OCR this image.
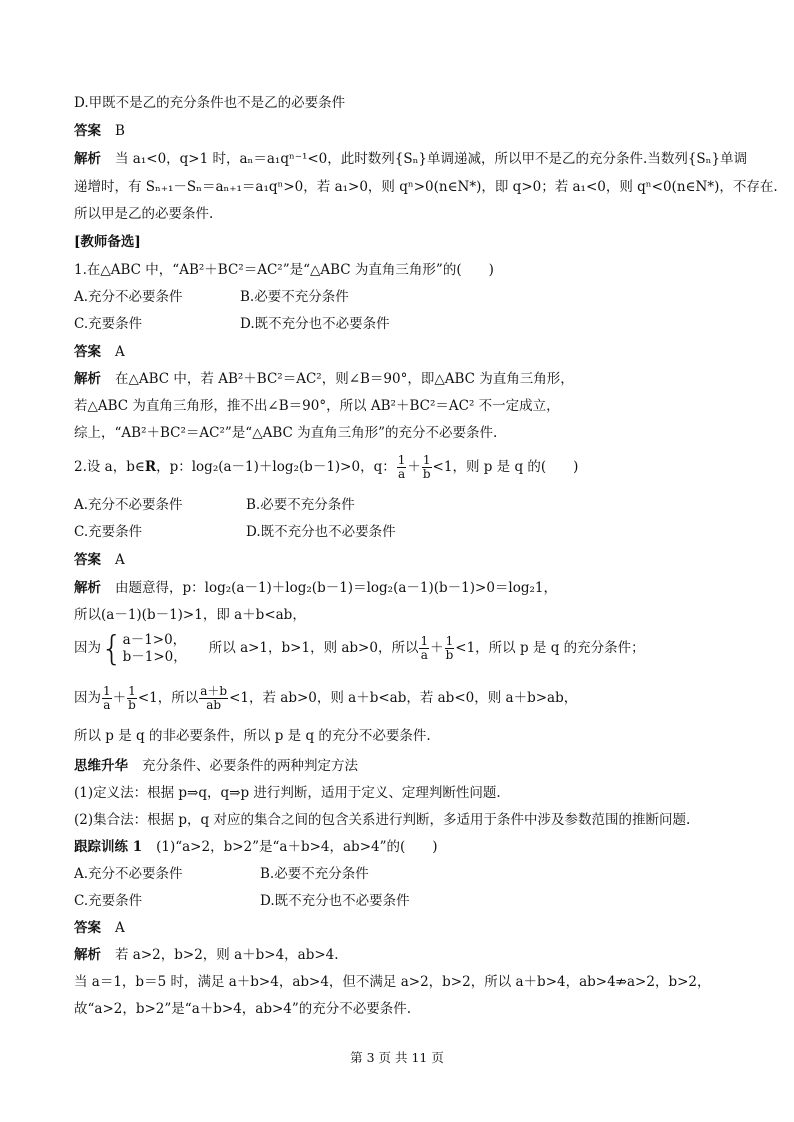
D.甲既不是乙的充分条件也不是乙的必要条件
答案 B
解析 当 a₁<0，q>1 时，aₙ＝a₁qⁿ⁻¹<0，此时数列{Sₙ}单调递减，所以甲不是乙的充分条件.当数列{Sₙ}单调
递增时，有 Sₙ₊₁－Sₙ＝aₙ₊₁＝a₁qⁿ>0，若 a₁>0，则 qⁿ>0(n∈N*)，即 q>0；若 a₁<0，则 qⁿ<0(n∈N*)，不存在.
所以甲是乙的必要条件.
[教师备选]
1.在△ABC 中，“AB²＋BC²＝AC²”是“△ABC 为直角三角形”的(　　)
A.充分不必要条件	B.必要不充分条件
C.充要条件	D.既不充分也不必要条件
答案 A
解析 在△ABC 中，若 AB²＋BC²＝AC²，则∠B＝90°，即△ABC 为直角三角形，
若△ABC 为直角三角形，推不出∠B＝90°，所以 AB²＋BC²＝AC² 不一定成立，
综上，“AB²＋BC²＝AC²”是“△ABC 为直角三角形”的充分不必要条件.
2.设 a，b∈R，p：log₂(a－1)＋log₂(b－1)>0，q： $\frac{1}{a} + \frac{1}{b} <1$，则 p 是 q 的(　　)
A.充分不必要条件	B.必要不充分条件
C.充要条件	D.既不充分也不必要条件
答案 A
解析 由题意得，p：log₂(a－1)＋log₂(b－1)＝log₂(a－1)(b－1)>0＝log₂1，
所以(a－1)(b－1)>1，即 a＋b<ab，
因为 { a－1>0，
b－1>0，
所以 a>1，b>1，则 ab>0，所以 $\frac{1}{a} + \frac{1}{b} <1$，所以 p 是 q 的充分条件；
因为 $\frac{1}{a} + \frac{1}{b} <1$，所以 $\frac{a+b}{ab} <1$，若 ab>0，则 a＋b<ab，若 ab<0，则 a＋b>ab，
所以 p 是 q 的非必要条件，所以 p 是 q 的充分不必要条件.
思维升华 充分条件、必要条件的两种判定方法
(1)定义法：根据 p⇒q，q⇒p 进行判断，适用于定义、定理判断性问题.
(2)集合法：根据 p，q 对应的集合之间的包含关系进行判断，多适用于条件中涉及参数范围的推断问题.
跟踪训练 1 (1)“a>2，b>2”是“a＋b>4，ab>4”的(　　)
A.充分不必要条件	B.必要不充分条件
C.充要条件	D.既不充分也不必要条件
答案 A
解析 若 a>2，b>2，则 a＋b>4，ab>4.
当 a＝1，b＝5 时，满足 a＋b>4，ab>4，但不满足 a>2，b>2，所以 a＋b>4，ab>4⇏a>2，b>2，
故“a>2，b>2”是“a＋b>4，ab>4”的充分不必要条件.
第 3 页 共 11 页
